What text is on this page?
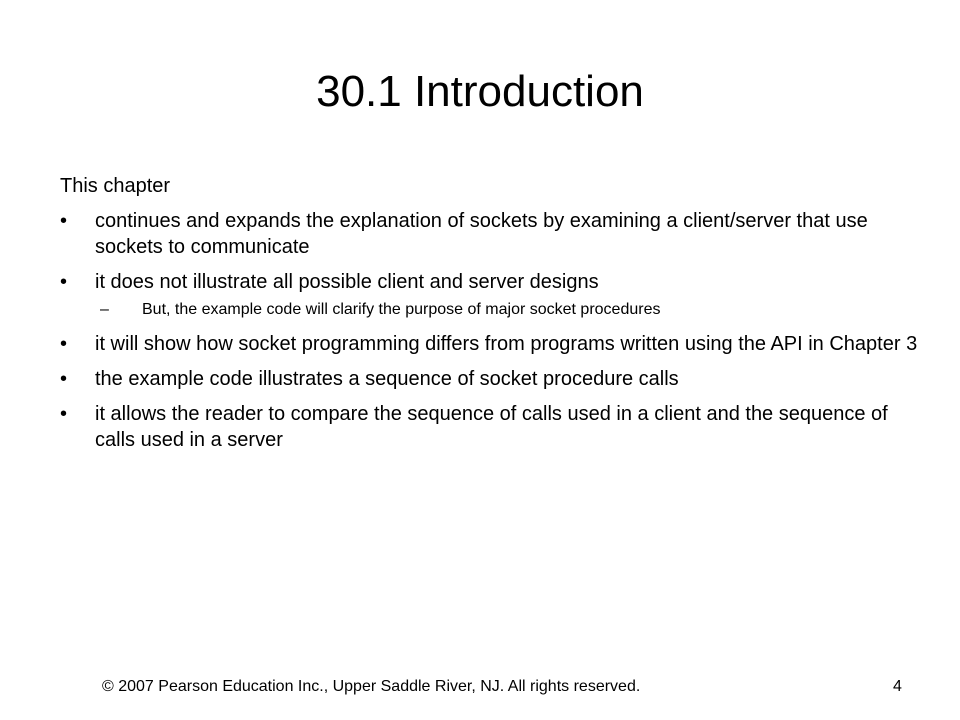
30.1 Introduction

This chapter

• continues and expands the explanation of sockets by examining a client/server that use sockets to communicate
• it does not illustrate all possible client and server designs
– But, the example code will clarify the purpose of major socket procedures
• it will show how socket programming differs from programs written using the API in Chapter 3
• the example code illustrates a sequence of socket procedure calls
• it allows the reader to compare the sequence of calls used in a client and the sequence of calls used in a server
© 2007 Pearson Education Inc., Upper Saddle River, NJ. All rights reserved.	4
